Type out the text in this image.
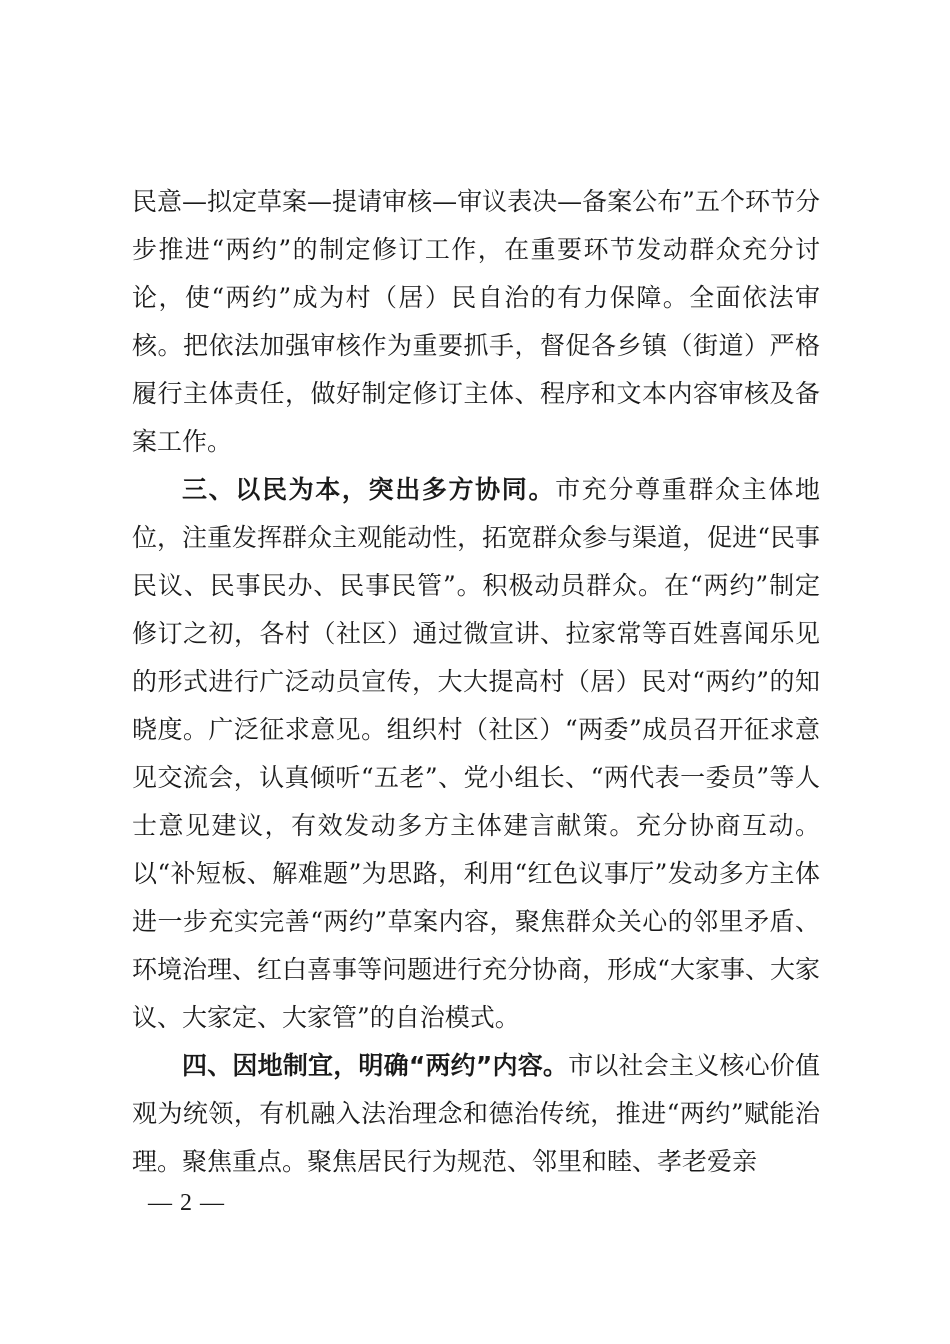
民意—拟定草案—提请审核—审议表决—备案公布”五个环节分步推进“两约”的制定修订工作，在重要环节发动群众充分讨论，使“两约”成为村（居）民自治的有力保障。全面依法审核。把依法加强审核作为重要抓手，督促各乡镇（街道）严格履行主体责任，做好制定修订主体、程序和文本内容审核及备案工作。

三、以民为本，突出多方协同。市充分尊重群众主体地位，注重发挥群众主观能动性，拓宽群众参与渠道，促进“民事民议、民事民办、民事民管”。积极动员群众。在“两约”制定修订之初，各村（社区）通过微宣讲、拉家常等百姓喜闻乐见的形式进行广泛动员宣传，大大提高村（居）民对“两约”的知晓度。广泛征求意见。组织村（社区）“两委”成员召开征求意见交流会，认真倾听“五老”、党小组长、“两代表一委员”等人士意见建议，有效发动多方主体建言献策。充分协商互动。以“补短板、解难题”为思路，利用“红色议事厅”发动多方主体进一步充实完善“两约”草案内容，聚焦群众关心的邻里矛盾、环境治理、红白喜事等问题进行充分协商，形成“大家事、大家议、大家定、大家管”的自治模式。

四、因地制宜，明确“两约”内容。市以社会主义核心价值观为统领，有机融入法治理念和德治传统，推进“两约”赋能治理。聚焦重点。聚焦居民行为规范、邻里和睦、孝老爱亲

— 2 —
